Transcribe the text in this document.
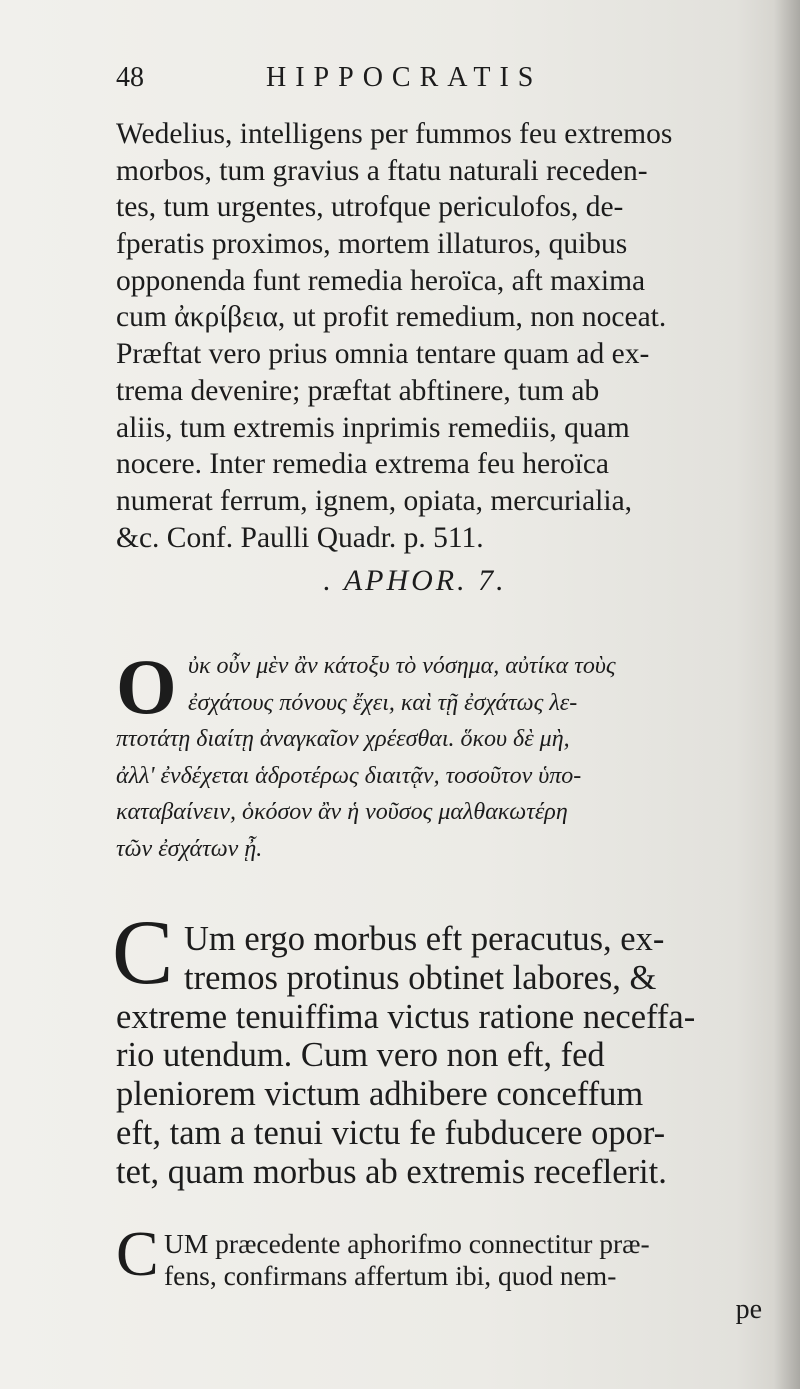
48	HIPPOCRATIS
Wedelius, intelligens per fummos feu extremos
morbos, tum gravius a ftatu naturali receden-
tes, tum urgentes, utrofque periculofos, de-
fperatis proximos, mortem illaturos, quibus
opponenda funt remedia heroïca, aft maxima
cum ἀκρίβεια, ut profit remedium, non noceat.
Præftat vero prius omnia tentare quam ad ex-
trema devenire; præftat abftinere, tum ab
aliis, tum extremis inprimis remediis, quam
nocere. Inter remedia extrema feu heroïca
numerat ferrum, ignem, opiata, mercurialia,
&c. Conf. Paulli Quadr. p. 511.
. APHOR. 7.
O ὐκ οὖν μὲν ἂν κάτοξυ τὸ νόσημα, αὐτίκα τοὺς
ἐσχάτους πόνους ἔχει, καὶ τῇ ἐσχάτως λε-
πτοτάτῃ διαίτῃ ἀναγκαῖον χρέεσθαι. ὅκου δὲ μὴ,
ἀλλ' ἐνδέχεται ἁδροτέρως διαιτᾷν, τοσοῦτον ὑπο-
καταβαίνειν, ὁκόσον ἂν ἡ νοῦσος μαλθακωτέρη
τῶν ἐσχάτων ᾖ.
C Um ergo morbus eft peracutus, ex-
tremos protinus obtinet labores, &
extreme tenuiffima victus ratione neceffa-
rio utendum. Cum vero non eft, fed
pleniorem victum adhibere conceffum
eft, tam a tenui victu fe fubducere opor-
tet, quam morbus ab extremis receflerit.
C UM præcedente aphorifmo connectitur præ-
fens, confirmans affertum ibi, quod nem-
pe
